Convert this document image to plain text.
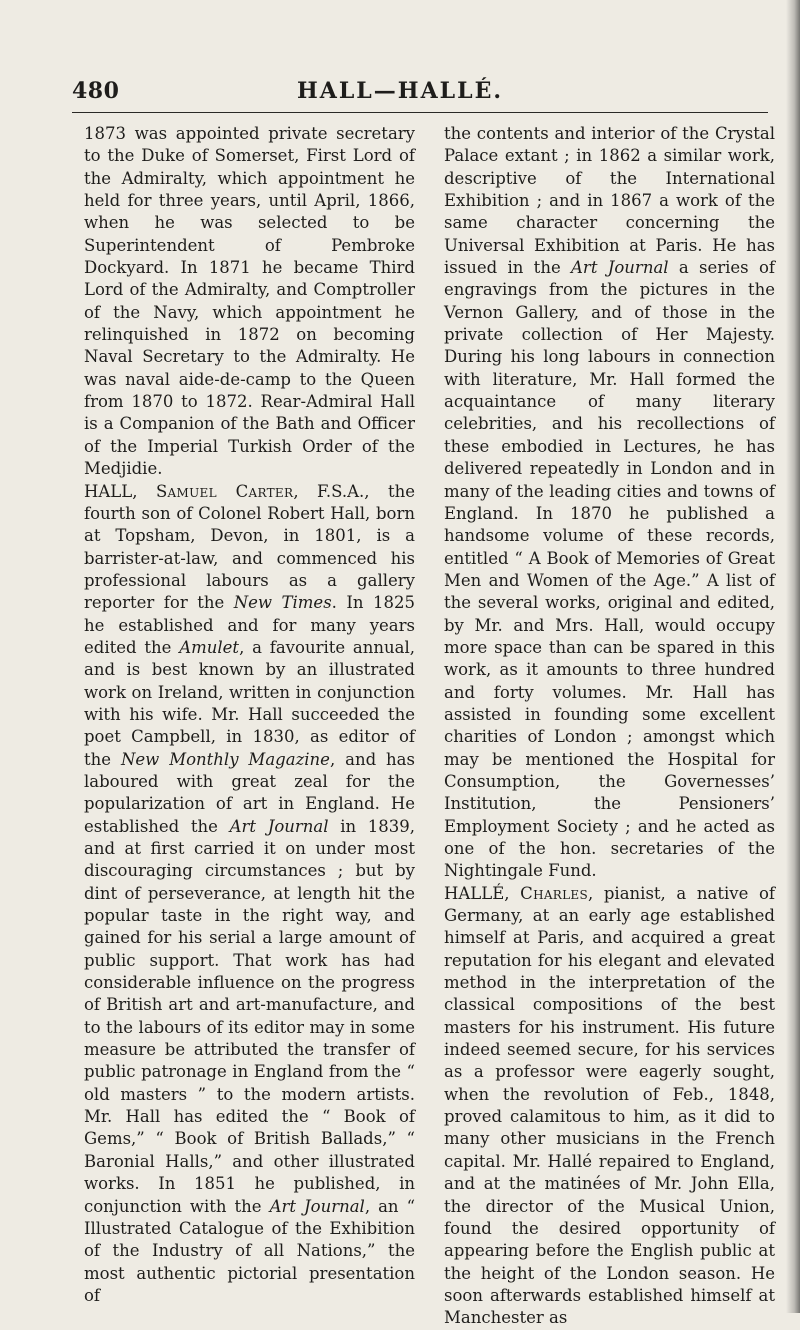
480	HALL—HALLÉ.

1873 was appointed private secretary to the Duke of Somerset, First Lord of the Admiralty, which appointment he held for three years, until April, 1866, when he was selected to be Superintendent of Pembroke Dockyard. In 1871 he became Third Lord of the Admiralty, and Comptroller of the Navy, which appointment he relinquished in 1872 on becoming Naval Secretary to the Admiralty. He was naval aide-de-camp to the Queen from 1870 to 1872. Rear-Admiral Hall is a Companion of the Bath and Officer of the Imperial Turkish Order of the Medjidie.

HALL, Samuel Carter, F.S.A., the fourth son of Colonel Robert Hall, born at Topsham, Devon, in 1801, is a barrister-at-law, and commenced his professional labours as a gallery reporter for the New Times. In 1825 he established and for many years edited the Amulet, a favourite annual, and is best known by an illustrated work on Ireland, written in conjunction with his wife. Mr. Hall succeeded the poet Campbell, in 1830, as editor of the New Monthly Magazine, and has laboured with great zeal for the popularization of art in England. He established the Art Journal in 1839, and at first carried it on under most discouraging circumstances ; but by dint of perseverance, at length hit the popular taste in the right way, and gained for his serial a large amount of public support. That work has had considerable influence on the progress of British art and art-manufacture, and to the labours of its editor may in some measure be attributed the transfer of public patronage in England from the “ old masters ” to the modern artists. Mr. Hall has edited the “ Book of Gems,” “ Book of British Ballads,” “ Baronial Halls,” and other illustrated works. In 1851 he published, in conjunction with the Art Journal, an “ Illustrated Catalogue of the Exhibition of the Industry of all Nations,” the most authentic pictorial presentation of

the contents and interior of the Crystal Palace extant ; in 1862 a similar work, descriptive of the International Exhibition ; and in 1867 a work of the same character concerning the Universal Exhibition at Paris. He has issued in the Art Journal a series of engravings from the pictures in the Vernon Gallery, and of those in the private collection of Her Majesty. During his long labours in connection with literature, Mr. Hall formed the acquaintance of many literary celebrities, and his recollections of these embodied in Lectures, he has delivered repeatedly in London and in many of the leading cities and towns of England. In 1870 he published a handsome volume of these records, entitled “ A Book of Memories of Great Men and Women of the Age.” A list of the several works, original and edited, by Mr. and Mrs. Hall, would occupy more space than can be spared in this work, as it amounts to three hundred and forty volumes. Mr. Hall has assisted in founding some excellent charities of London ; amongst which may be mentioned the Hospital for Consumption, the Governesses’ Institution, the Pensioners’ Employment Society ; and he acted as one of the hon. secretaries of the Nightingale Fund.

HALLÉ, Charles, pianist, a native of Germany, at an early age established himself at Paris, and acquired a great reputation for his elegant and elevated method in the interpretation of the classical compositions of the best masters for his instrument. His future indeed seemed secure, for his services as a professor were eagerly sought, when the revolution of Feb., 1848, proved calamitous to him, as it did to many other musicians in the French capital. Mr. Hallé repaired to England, and at the matinées of Mr. John Ella, the director of the Musical Union, found the desired opportunity of appearing before the English public at the height of the London season. He soon afterwards established himself at Manchester as
